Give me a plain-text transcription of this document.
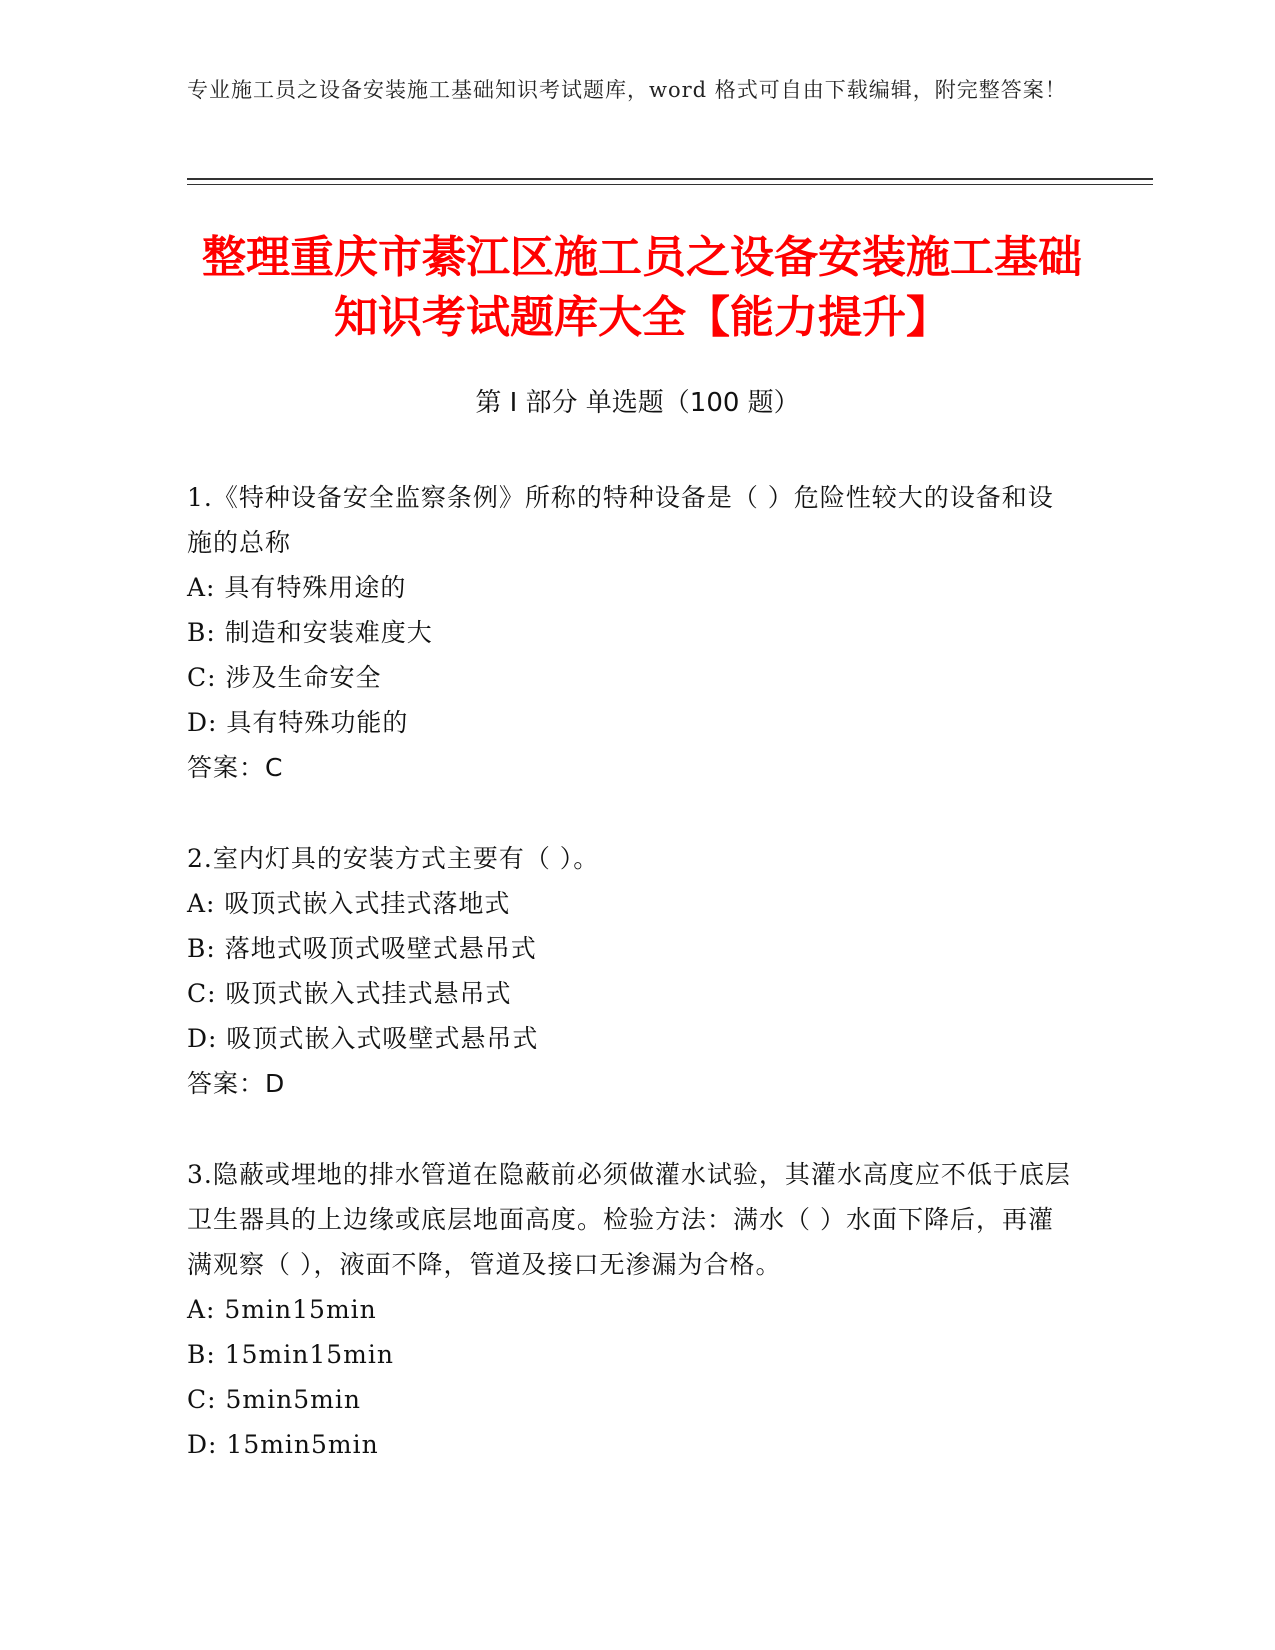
专业施工员之设备安装施工基础知识考试题库，word 格式可自由下载编辑，附完整答案！
整理重庆市綦江区施工员之设备安装施工基础知识考试题库大全【能力提升】
第 I 部分 单选题（100 题）
1.《特种设备安全监察条例》所称的特种设备是（ ）危险性较大的设备和设施的总称
A: 具有特殊用途的
B: 制造和安装难度大
C: 涉及生命安全
D: 具有特殊功能的
答案：C
2.室内灯具的安装方式主要有（ ）。
A: 吸顶式嵌入式挂式落地式
B: 落地式吸顶式吸壁式悬吊式
C: 吸顶式嵌入式挂式悬吊式
D: 吸顶式嵌入式吸壁式悬吊式
答案：D
3.隐蔽或埋地的排水管道在隐蔽前必须做灌水试验，其灌水高度应不低于底层卫生器具的上边缘或底层地面高度。检验方法：满水（ ）水面下降后，再灌满观察（ ），液面不降，管道及接口无渗漏为合格。
A: 5min15min
B: 15min15min
C: 5min5min
D: 15min5min
